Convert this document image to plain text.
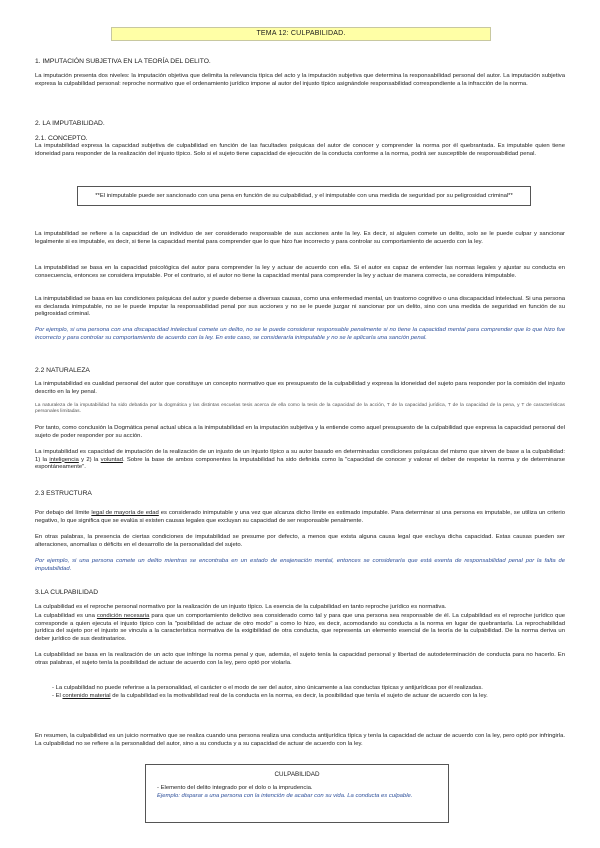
TEMA 12: CULPABILIDAD.
1. IMPUTACIÓN SUBJETIVA EN LA TEORÍA DEL DELITO.

La imputación presenta dos niveles: la imputación objetiva que delimita la relevancia típica del acto y la imputación subjetiva que determina la responsabilidad personal del autor. La imputación subjetiva expresa la culpabilidad personal: reproche normativo que el ordenamiento jurídico impone al autor del injusto típico asignándole responsabilidad correspondiente a la infracción de la norma.

2. LA IMPUTABILIDAD.
2.1. CONCEPTO.

La imputabilidad expresa la capacidad subjetiva de culpabilidad en función de las facultades psíquicas del autor de conocer y comprender la norma por él quebrantada. Es imputable quien tiene idoneidad para responder de la realización del injusto típico. Solo si el sujeto tiene capacidad de ejecución de la conducta conforme a la norma, podrá ser susceptible de responsabilidad penal.

**El inimputable puede ser sancionado con una pena en función de su culpabilidad, y el inimputable con una medida de seguridad por su peligrosidad criminal**

La imputabilidad se refiere a la capacidad de un individuo de ser considerado responsable de sus acciones ante la ley. Es decir, si alguien comete un delito, solo se le puede culpar y sancionar legalmente si es imputable, es decir, si tiene la capacidad mental para comprender que lo que hizo fue incorrecto y para controlar su comportamiento de acuerdo con la ley.

La imputabilidad se basa en la capacidad psicológica del autor para comprender la ley y actuar de acuerdo con ella. Si el autor es capaz de entender las normas legales y ajustar su conducta en consecuencia, entonces se considera imputable. Por el contrario, si el autor no tiene la capacidad mental para comprender la ley y actuar de manera correcta, se considera inimputable.

La inimputabilidad se basa en las condiciones psíquicas del autor y puede deberse a diversas causas, como una enfermedad mental, un trastorno cognitivo o una discapacidad intelectual. Si una persona es declarada inimputable, no se le puede imputar la responsabilidad penal por sus acciones y no se le puede juzgar ni sancionar por un delito, sino con una medida de seguridad en función de su peligrosidad criminal.

Por ejemplo, si una persona con una discapacidad intelectual comete un delito, no se le puede considerar responsable penalmente si no tiene la capacidad mental para comprender que lo que hizo fue incorrecto y para controlar su comportamiento de acuerdo con la ley. En este caso, se consideraría inimputable y no se le aplicaría una sanción penal.

2.2 NATURALEZA

La inimputabilidad es cualidad personal del autor que constituye un concepto normativo que es presupuesto de la culpabilidad y expresa la idoneidad del sujeto para responder por la comisión del injusto descrito en la ley penal.

La naturaleza de la imputabilidad ha sido debatida por la dogmática y las distintas escuelas tesis acerca de ella como la tesis de la capacidad de la acción, T de la capacidad jurídica, T de la capacidad de la pena, y T de características personales limitadas.

Por tanto, como conclusión la Dogmática penal actual ubica a la inimputabilidad en la imputación subjetiva y la entiende como aquel presupuesto de la culpabilidad que expresa la capacidad personal del sujeto de poder responder por su acción.

La imputabilidad es capacidad de imputación de la realización de un injusto de un injusto típico a su autor basado en determinadas condiciones psíquicas del mismo que sirven de base a la culpabilidad: 1) la inteligencia y 2) la voluntad. Sobre la base de ambos componentes la imputabilidad ha sido definida como la "capacidad de conocer y valorar el deber de respetar la norma y de determinarse espontáneamente".

2.3 ESTRUCTURA

Por debajo del límite legal de mayoría de edad es considerado inimputable y una vez que alcanza dicho límite es estimado imputable. Para determinar si una persona es imputable, se utiliza un criterio negativo, lo que significa que se evalúa si existen causas legales que excluyan su capacidad de ser responsable penalmente.

En otras palabras, la presencia de ciertas condiciones de imputabilidad se presume por defecto, a menos que exista alguna causa legal que excluya dicha capacidad. Estas causas pueden ser alteraciones, anomalías o déficits en el desarrollo de la personalidad del sujeto.

Por ejemplo, si una persona comete un delito mientras se encontraba en un estado de enajenación mental, entonces se consideraría que está exenta de responsabilidad penal por la falta de imputabilidad.

3.LA CULPABILIDAD

La culpabilidad es el reproche personal normativo por la realización de un injusto típico. La esencia de la culpabilidad en tanto reproche jurídico es normativa.

La culpabilidad es una condición necesaria para que un comportamiento delictivo sea considerado como tal y para que una persona sea responsable de él. La culpabilidad es el reproche jurídico que corresponde a quien ejecuta el injusto típico con la "posibilidad de actuar de otro modo" a como lo hizo, es decir, acomodando su conducta a la norma en lugar de quebrantarla. La reprochabilidad jurídica del sujeto por el injusto se vincula a la característica normativa de la exigibilidad de otra conducta, que representa un elemento esencial de la teoría de la culpabilidad. De la norma deriva un deber jurídico de sus destinatarios.

La culpabilidad se basa en la realización de un acto que infringe la norma penal y que, además, el sujeto tenía la capacidad personal y libertad de autodeterminación de conducta para no hacerlo. En otras palabras, el sujeto tenía la posibilidad de actuar de acuerdo con la ley, pero optó por violarla.

- La culpabilidad no puede referirse a la personalidad, el carácter o el modo de ser del autor, sino únicamente a las conductas típicas y antijurídicas por él realizadas.
- El contenido material de la culpabilidad es la motivabilidad real de la conducta en la norma, es decir, la posibilidad que tenía el sujeto de actuar de acuerdo con la ley.

En resumen, la culpabilidad es un juicio normativo que se realiza cuando una persona realiza una conducta antijurídica típica y tenía la capacidad de actuar de acuerdo con la ley, pero optó por infringirla. La culpabilidad no se refiere a la personalidad del autor, sino a su conducta y a su capacidad de actuar de acuerdo con la ley.

CULPABILIDAD
- Elemento del delito integrado por el dolo o la imprudencia.
Ejemplo: disparar a una persona con la intención de acabar con su vida. La conducta es culpable.
